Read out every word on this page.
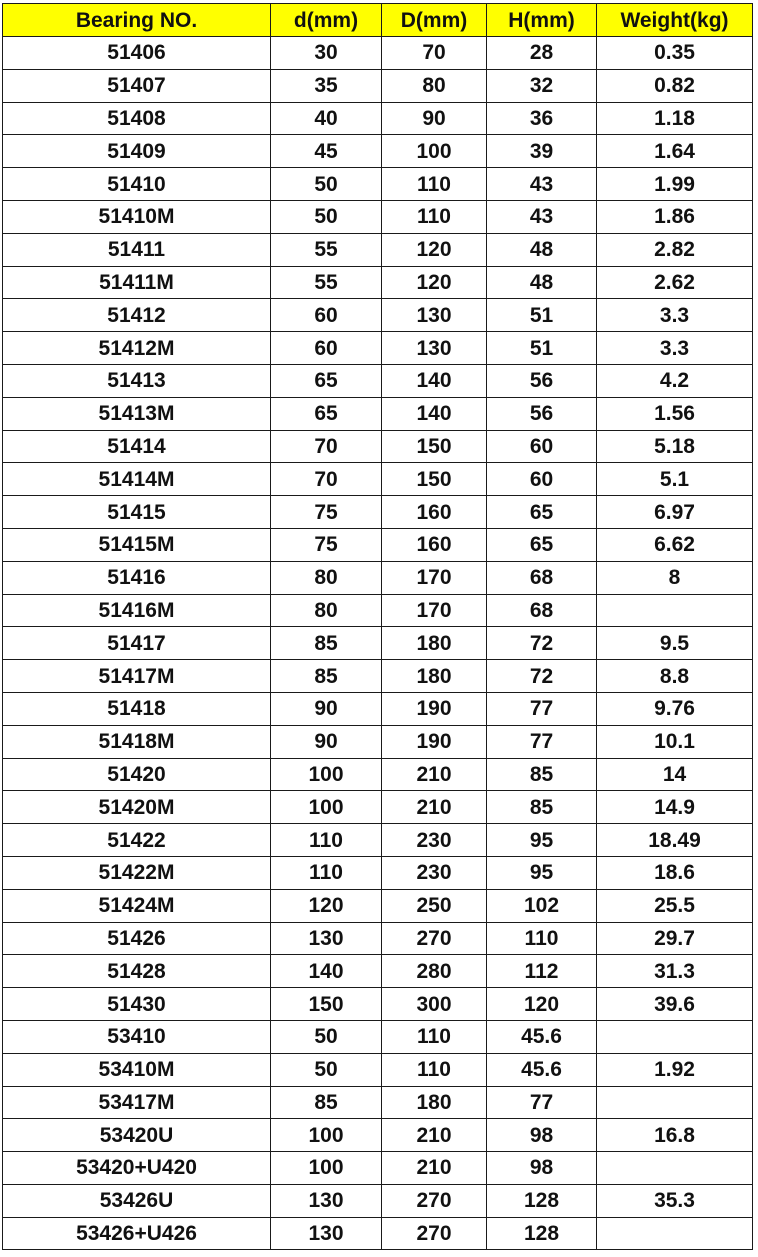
Bearing NO.	d(mm)	D(mm)	H(mm)	Weight(kg)
51406	30	70	28	0.35
51407	35	80	32	0.82
51408	40	90	36	1.18
51409	45	100	39	1.64
51410	50	110	43	1.99
51410M	50	110	43	1.86
51411	55	120	48	2.82
51411M	55	120	48	2.62
51412	60	130	51	3.3
51412M	60	130	51	3.3
51413	65	140	56	4.2
51413M	65	140	56	1.56
51414	70	150	60	5.18
51414M	70	150	60	5.1
51415	75	160	65	6.97
51415M	75	160	65	6.62
51416	80	170	68	8
51416M	80	170	68	
51417	85	180	72	9.5
51417M	85	180	72	8.8
51418	90	190	77	9.76
51418M	90	190	77	10.1
51420	100	210	85	14
51420M	100	210	85	14.9
51422	110	230	95	18.49
51422M	110	230	95	18.6
51424M	120	250	102	25.5
51426	130	270	110	29.7
51428	140	280	112	31.3
51430	150	300	120	39.6
53410	50	110	45.6	
53410M	50	110	45.6	1.92
53417M	85	180	77	
53420U	100	210	98	16.8
53420+U420	100	210	98	
53426U	130	270	128	35.3
53426+U426	130	270	128	
